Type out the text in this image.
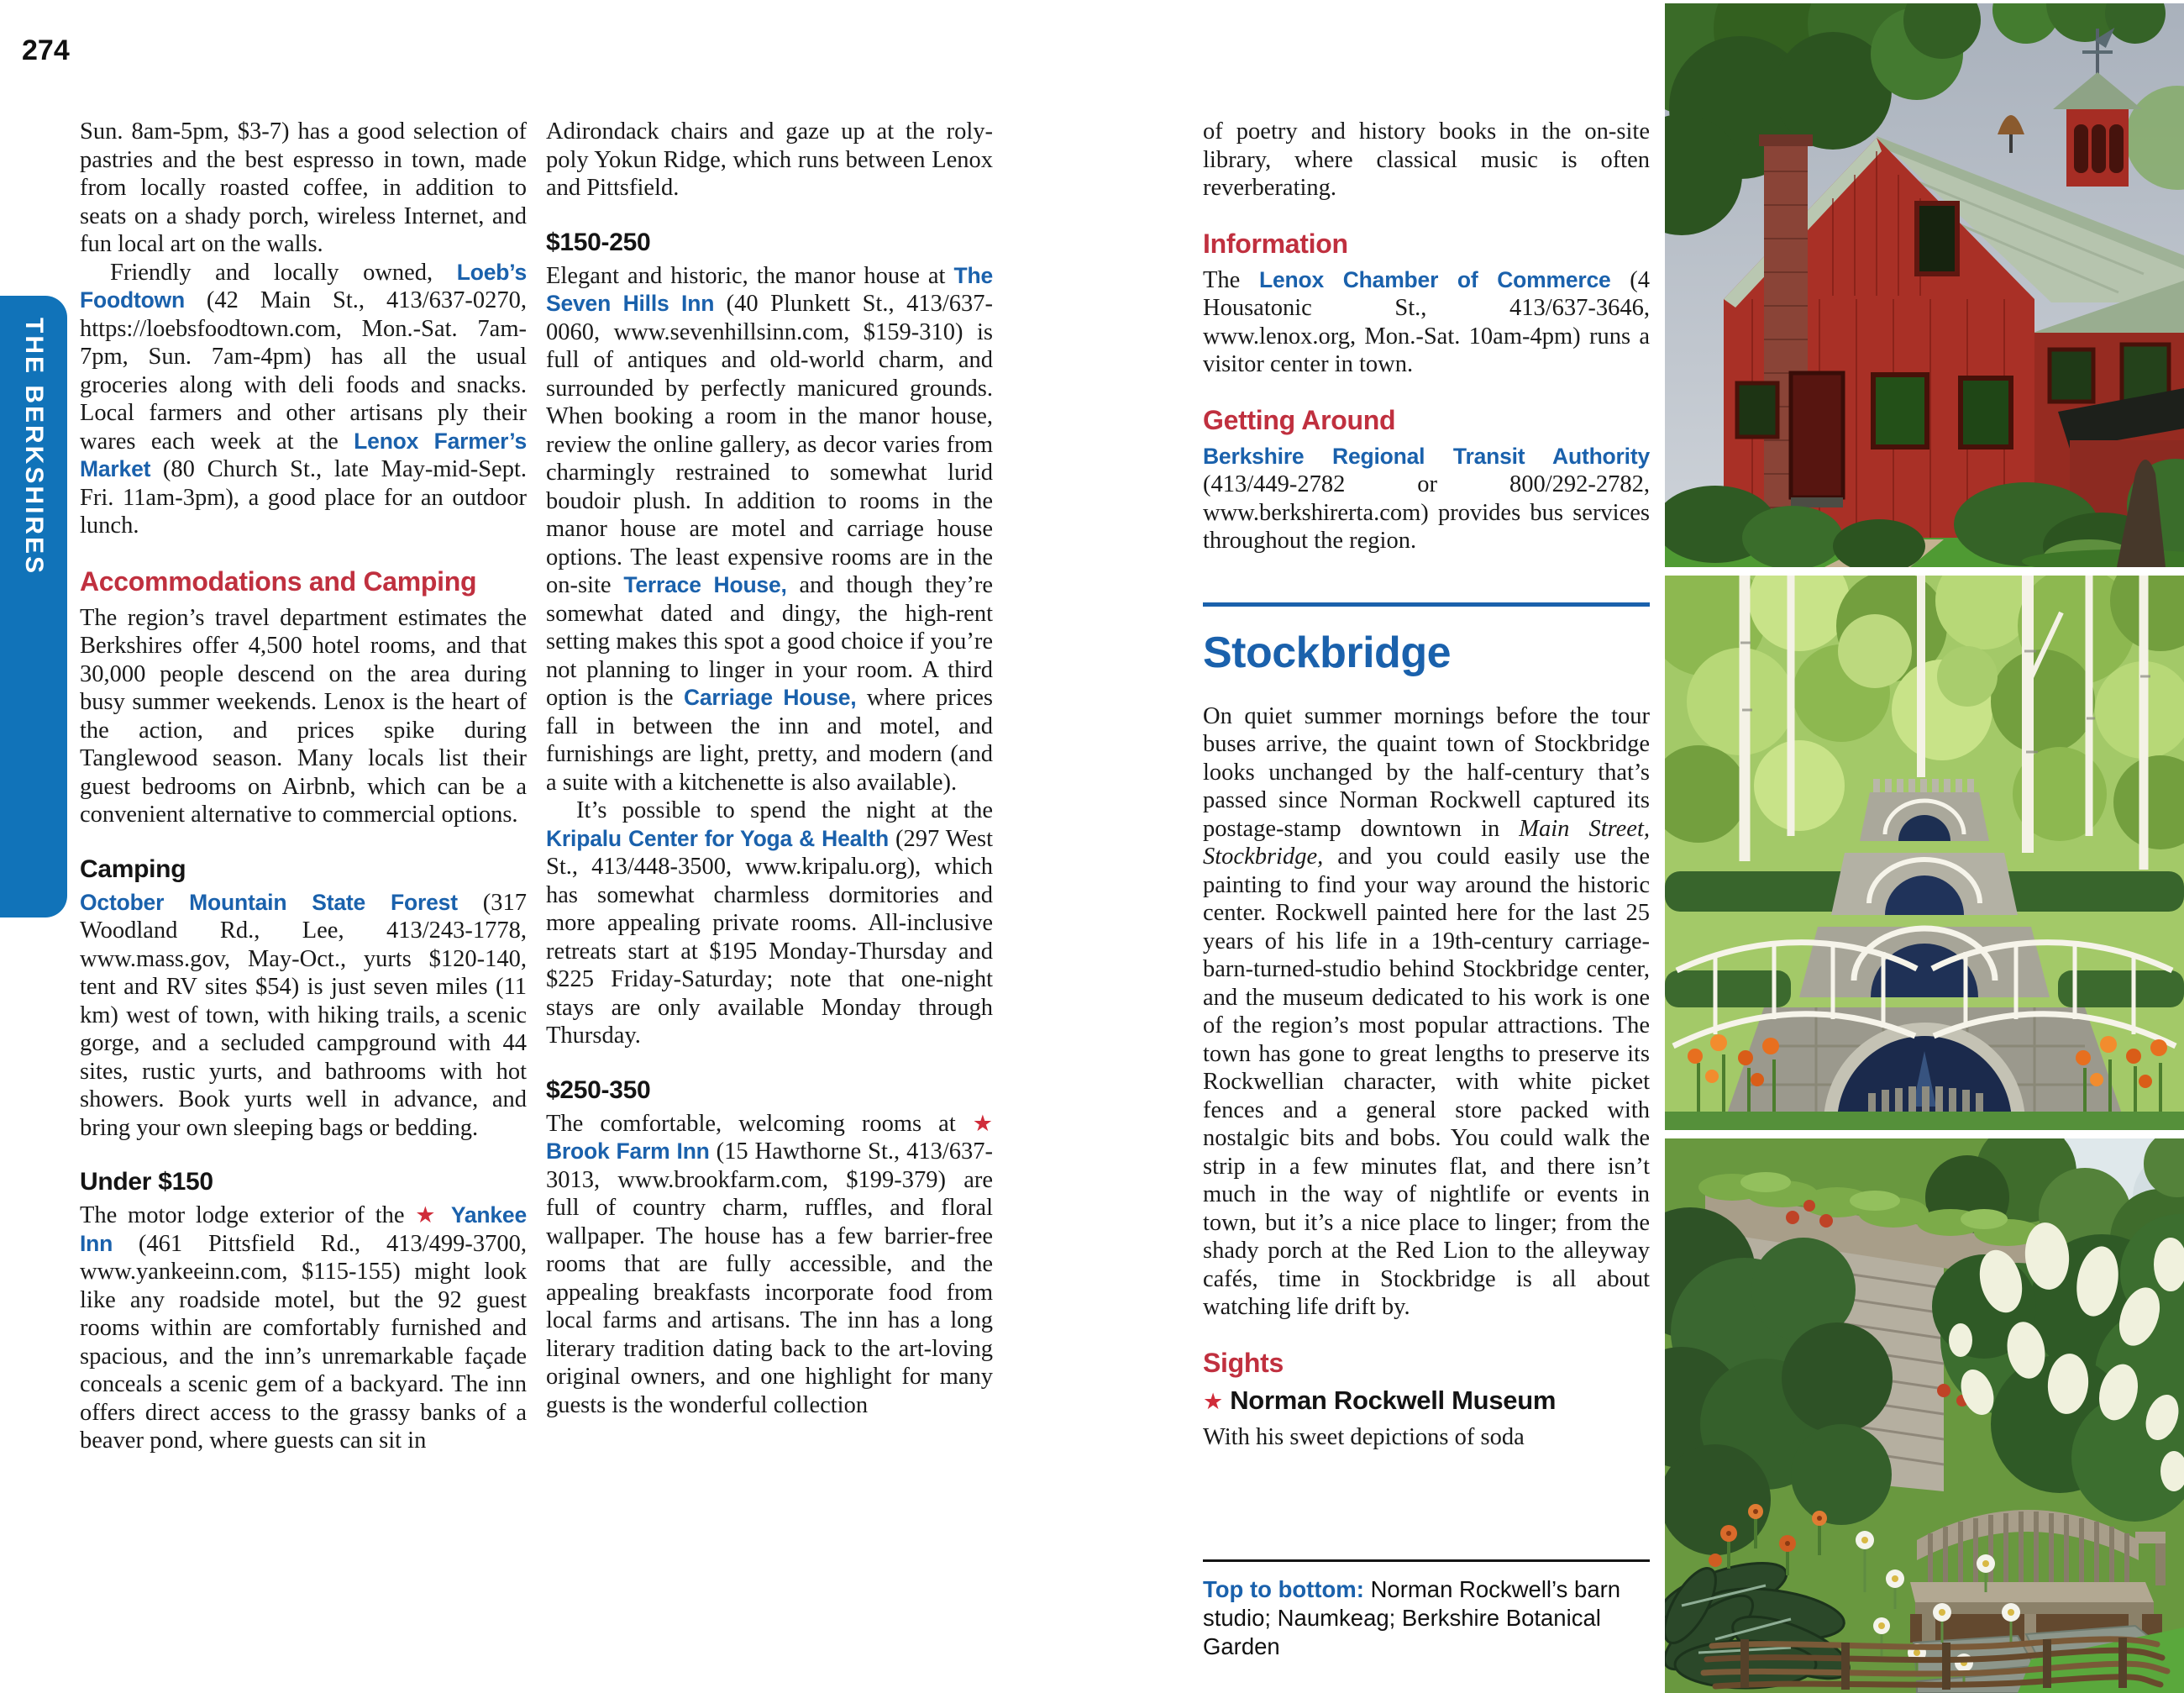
274
THE BERKSHIRES
Sun. 8am-5pm, $3-7) has a good selection of pastries and the best espresso in town, made from locally roasted coffee, in addition to seats on a shady porch, wireless Internet, and fun local art on the walls.
Friendly and locally owned, Loeb’s Foodtown (42 Main St., 413/637-0270, https://loebsfoodtown.com, Mon.-Sat. 7am-7pm, Sun. 7am-4pm) has all the usual groceries along with deli foods and snacks. Local farmers and other artisans ply their wares each week at the Lenox Farmer’s Market (80 Church St., late May-mid-Sept. Fri. 11am-3pm), a good place for an outdoor lunch.
Accommodations and Camping
The region’s travel department estimates the Berkshires offer 4,500 hotel rooms, and that 30,000 people descend on the area during busy summer weekends. Lenox is the heart of the action, and prices spike during Tanglewood season. Many locals list their guest bedrooms on Airbnb, which can be a convenient alternative to commercial options.
Camping
October Mountain State Forest (317 Woodland Rd., Lee, 413/243-1778, www.mass.gov, May-Oct., yurts $120-140, tent and RV sites $54) is just seven miles (11 km) west of town, with hiking trails, a scenic gorge, and a secluded campground with 44 sites, rustic yurts, and bathrooms with hot showers. Book yurts well in advance, and bring your own sleeping bags or bedding.
Under $150
The motor lodge exterior of the ★ Yankee Inn (461 Pittsfield Rd., 413/499-3700, www.yankeeinn.com, $115-155) might look like any roadside motel, but the 92 guest rooms within are comfortably furnished and spacious, and the inn’s unremarkable façade conceals a scenic gem of a backyard. The inn offers direct access to the grassy banks of a beaver pond, where guests can sit in
Adirondack chairs and gaze up at the roly-poly Yokun Ridge, which runs between Lenox and Pittsfield.
$150-250
Elegant and historic, the manor house at The Seven Hills Inn (40 Plunkett St., 413/637-0060, www.sevenhillsinn.com, $159-310) is full of antiques and old-world charm, and surrounded by perfectly manicured grounds. When booking a room in the manor house, review the online gallery, as decor varies from charmingly restrained to somewhat lurid boudoir plush. In addition to rooms in the manor house are motel and carriage house options. The least expensive rooms are in the on-site Terrace House, and though they’re somewhat dated and dingy, the high-rent setting makes this spot a good choice if you’re not planning to linger in your room. A third option is the Carriage House, where prices fall in between the inn and motel, and furnishings are light, pretty, and modern (and a suite with a kitchenette is also available).
It’s possible to spend the night at the Kripalu Center for Yoga & Health (297 West St., 413/448-3500, www.kripalu.org), which has somewhat charmless dormitories and more appealing private rooms. All-inclusive retreats start at $195 Monday-Thursday and $225 Friday-Saturday; note that one-night stays are only available Monday through Thursday.
$250-350
The comfortable, welcoming rooms at ★ Brook Farm Inn (15 Hawthorne St., 413/637-3013, www.brookfarm.com, $199-379) are full of country charm, ruffles, and floral wallpaper. The house has a few barrier-free rooms that are fully accessible, and the appealing breakfasts incorporate food from local farms and artisans. The inn has a long literary tradition dating back to the art-loving original owners, and one highlight for many guests is the wonderful collection
of poetry and history books in the on-site library, where classical music is often reverberating.
Information
The Lenox Chamber of Commerce (4 Housatonic St., 413/637-3646, www.lenox.org, Mon.-Sat. 10am-4pm) runs a visitor center in town.
Getting Around
Berkshire Regional Transit Authority (413/449-2782 or 800/292-2782, www.berkshirerta.com) provides bus services throughout the region.
Stockbridge
On quiet summer mornings before the tour buses arrive, the quaint town of Stockbridge looks unchanged by the half-century that’s passed since Norman Rockwell captured its postage-stamp downtown in Main Street, Stockbridge, and you could easily use the painting to find your way around the historic center. Rockwell painted here for the last 25 years of his life in a 19th-century carriage-barn-turned-studio behind Stockbridge center, and the museum dedicated to his work is one of the region’s most popular attractions. The town has gone to great lengths to preserve its Rockwellian character, with white picket fences and a general store packed with nostalgic bits and bobs. You could walk the strip in a few minutes flat, and there isn’t much in the way of nightlife or events in town, but it’s a nice place to linger; from the shady porch at the Red Lion to the alleyway cafés, time in Stockbridge is all about watching life drift by.
Sights
★ Norman Rockwell Museum
With his sweet depictions of soda
Top to bottom: Norman Rockwell’s barn studio; Naumkeag; Berkshire Botanical Garden
